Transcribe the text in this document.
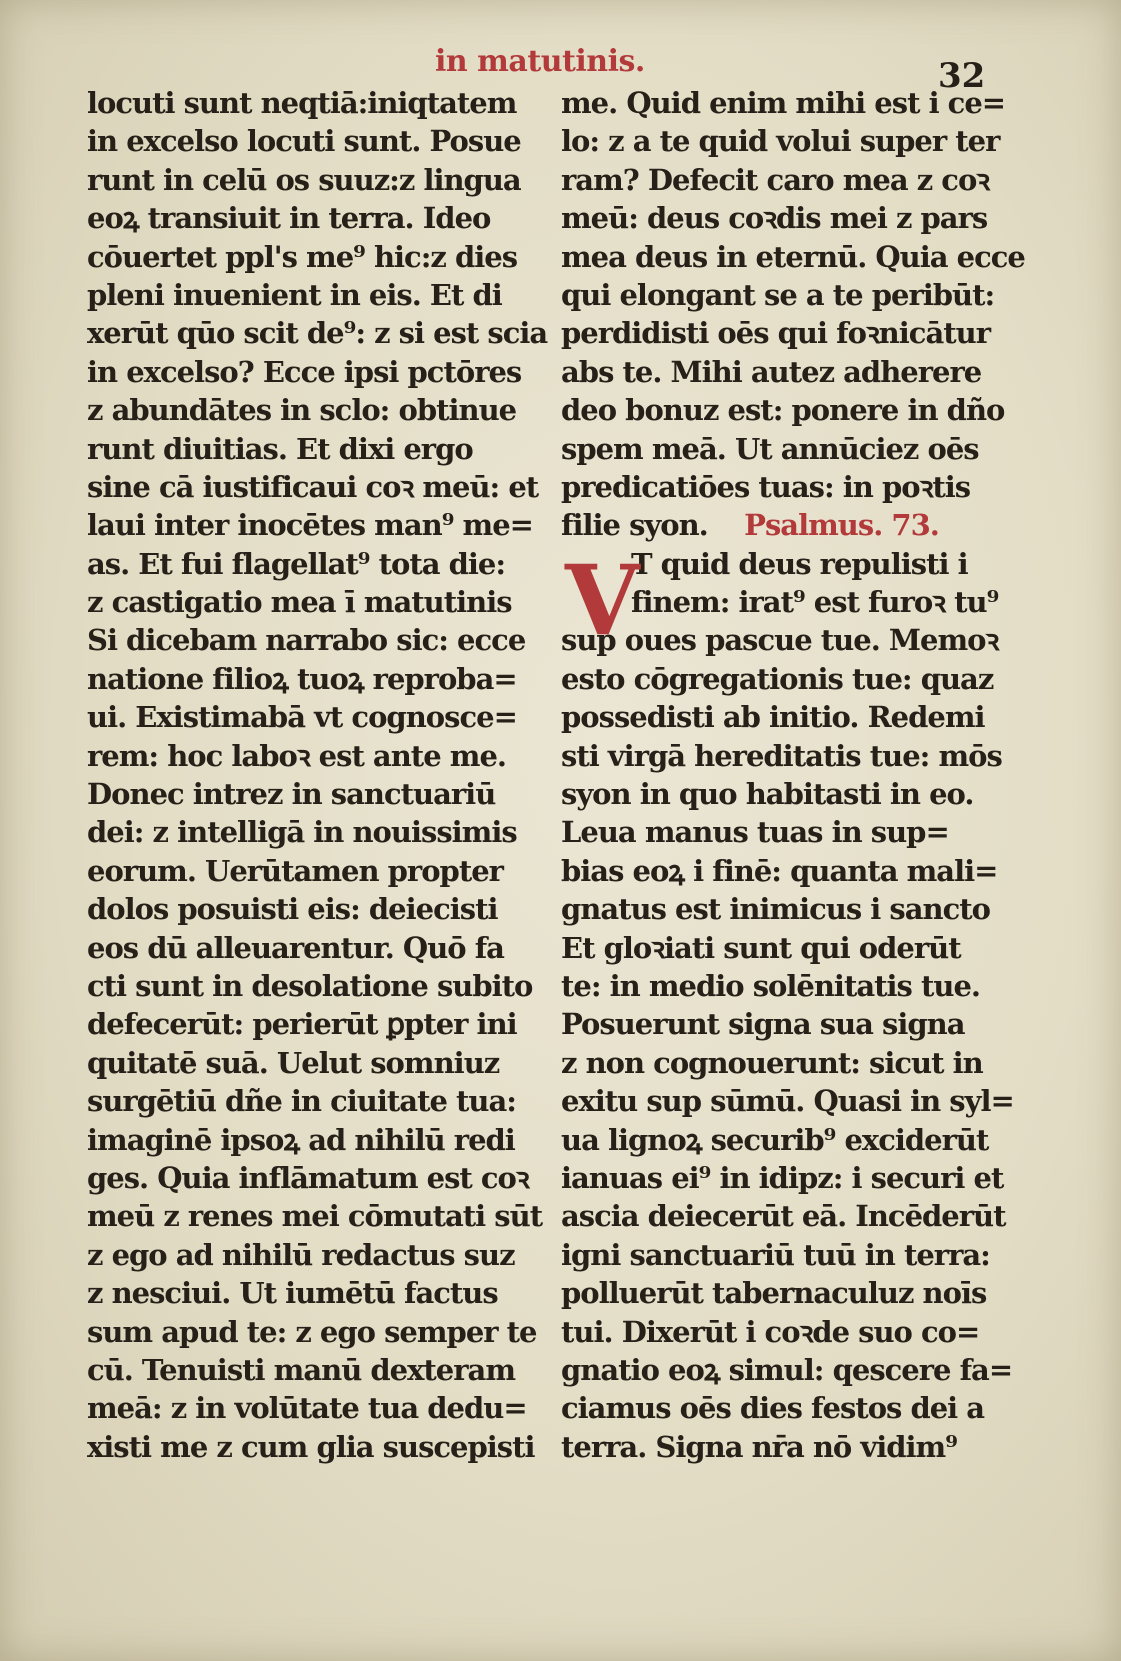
in matutinis.	32
locuti sunt neqtiā:iniqtatem
in excelso locuti sunt. Posue
runt in celū os suuz:z lingua
eoꝝ transiuit in terra. Ideo
cōuertet ppl's me⁹ hic:z dies
pleni inuenient in eis. Et di
xerūt qūo scit de⁹: z si est scia
in excelso? Ecce ipsi pctōres
z abundātes in sclo: obtinue
runt diuitias. Et dixi ergo
sine cā iustificaui coꝛ meū: et
laui inter inocētes man⁹ me=
as. Et fui flagellat⁹ tota die:
z castigatio mea ī matutinis
Si dicebam narrabo sic: ecce
natione filioꝝ tuoꝝ reproba=
ui. Existimabā vt cognosce=
rem: hoc laboꝛ est ante me.
Donec intrez in sanctuariū
dei: z intelligā in nouissimis
eorum. Uerūtamen propter
dolos posuisti eis: deiecisti
eos dū alleuarentur. Quō fa
cti sunt in desolatione subito
defecerūt: perierūt ꝑpter ini
quitatē suā. Uelut somniuz
surgētiū dñe in ciuitate tua:
imaginē ipsoꝝ ad nihilū redi
ges. Quia inflāmatum est coꝛ
meū z renes mei cōmutati sūt
z ego ad nihilū redactus suz
z nesciui. Ut iumētū factus
sum apud te: z ego semper te
cū. Tenuisti manū dexteram
meā: z in volūtate tua dedu=
xisti me z cum glia suscepisti
me. Quid enim mihi est i ce=
lo: z a te quid volui super ter
ram? Defecit caro mea z coꝛ
meū: deus coꝛdis mei z pars
mea deus in eternū. Quia ecce
qui elongant se a te peribūt:
perdidisti oēs qui foꝛnicātur
abs te. Mihi autez adherere
deo bonuz est: ponere in dño
spem meā. Ut annūciez oēs
predicatiōes tuas: in poꝛtis
filie syon.    Psalmus. 73.
T quid deus repulisti i
finem: irat⁹ est furoꝛ tu⁹
sup oues pascue tue. Memoꝛ
esto cōgregationis tue: quaz
possedisti ab initio. Redemi
sti virgā hereditatis tue: mōs
syon in quo habitasti in eo.
Leua manus tuas in sup=
bias eoꝝ i finē: quanta mali=
gnatus est inimicus i sancto
Et gloꝛiati sunt qui oderūt
te: in medio solēnitatis tue.
Posuerunt signa sua signa
z non cognouerunt: sicut in
exitu sup sūmū. Quasi in syl=
ua lignoꝝ securib⁹ exciderūt
ianuas ei⁹ in idipz: i securi et
ascia deiecerūt eā. Incēderūt
igni sanctuariū tuū in terra:
polluerūt tabernaculuz noīs
tui. Dixerūt i coꝛde suo co=
gnatio eoꝝ simul: qescere fa=
ciamus oēs dies festos dei a
terra. Signa nr̄a nō vidim⁹
V
